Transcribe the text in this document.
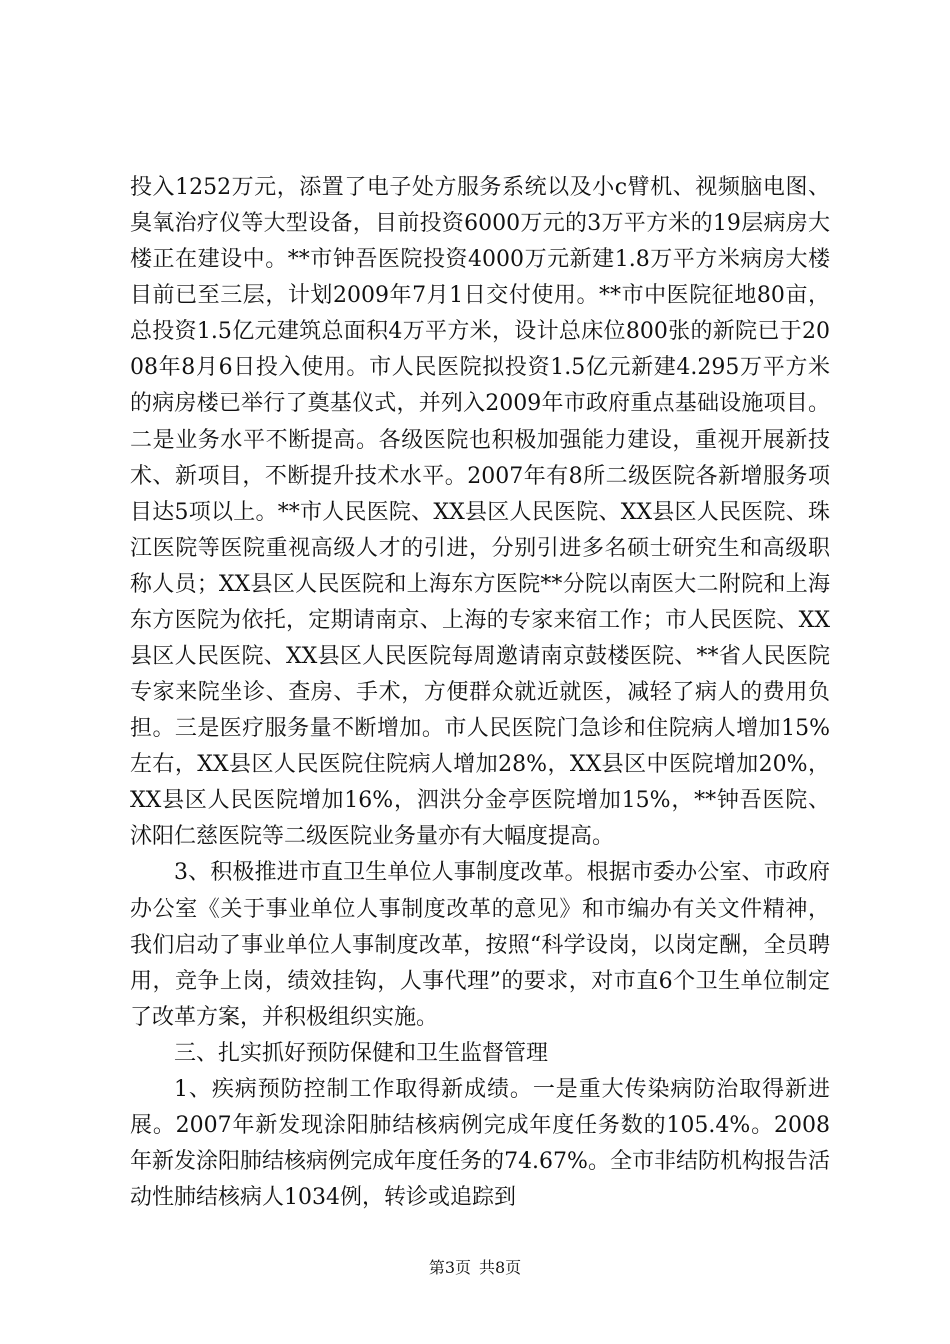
投入1252万元，添置了电子处方服务系统以及小c臂机、视频脑电图、臭氧治疗仪等大型设备，目前投资6000万元的3万平方米的19层病房大楼正在建设中。**市钟吾医院投资4000万元新建1.8万平方米病房大楼目前已至三层，计划2009年7月1日交付使用。**市中医院征地80亩，总投资1.5亿元建筑总面积4万平方米，设计总床位800张的新院已于2008年8月6日投入使用。市人民医院拟投资1.5亿元新建4.295万平方米的病房楼已举行了奠基仪式，并列入2009年市政府重点基础设施项目。二是业务水平不断提高。各级医院也积极加强能力建设，重视开展新技术、新项目，不断提升技术水平。2007年有8所二级医院各新增服务项目达5项以上。**市人民医院、XX县区人民医院、XX县区人民医院、珠江医院等医院重视高级人才的引进，分别引进多名硕士研究生和高级职称人员；XX县区人民医院和上海东方医院**分院以南医大二附院和上海东方医院为依托，定期请南京、上海的专家来宿工作；市人民医院、XX县区人民医院、XX县区人民医院每周邀请南京鼓楼医院、**省人民医院专家来院坐诊、查房、手术，方便群众就近就医，减轻了病人的费用负担。三是医疗服务量不断增加。市人民医院门急诊和住院病人增加15%左右，XX县区人民医院住院病人增加28%，XX县区中医院增加20%，XX县区人民医院增加16%，泗洪分金亭医院增加15%，**钟吾医院、沭阳仁慈医院等二级医院业务量亦有大幅度提高。

3、积极推进市直卫生单位人事制度改革。根据市委办公室、市政府办公室《关于事业单位人事制度改革的意见》和市编办有关文件精神，我们启动了事业单位人事制度改革，按照“科学设岗，以岗定酬，全员聘用，竞争上岗，绩效挂钩，人事代理”的要求，对市直6个卫生单位制定了改革方案，并积极组织实施。

三、扎实抓好预防保健和卫生监督管理

1、疾病预防控制工作取得新成绩。一是重大传染病防治取得新进展。2007年新发现涂阳肺结核病例完成年度任务数的105.4%。2008年新发涂阳肺结核病例完成年度任务的74.67%。全市非结防机构报告活动性肺结核病人1034例，转诊或追踪到

第3页 共8页
